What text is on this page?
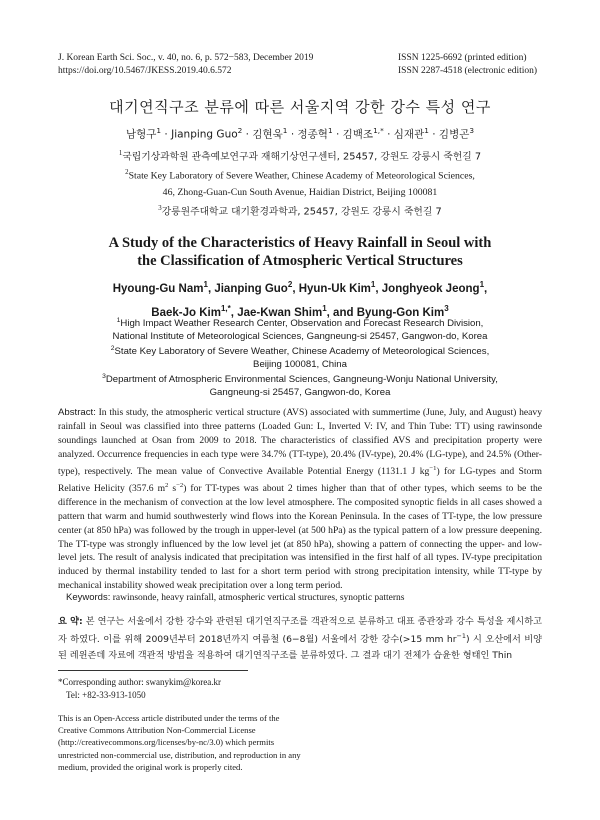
J. Korean Earth Sci. Soc., v. 40, no. 6, p. 572−583, December 2019
https://doi.org/10.5467/JKESS.2019.40.6.572
ISSN 1225-6692 (printed edition)
ISSN 2287-4518 (electronic edition)
대기연직구조 분류에 따른 서울지역 강한 강수 특성 연구
남형구$^1$ · Jianping Guo$^2$ · 김현욱$^1$ · 정종혁$^1$ · 김백조$^{1,*}$ · 심재관$^1$ · 김병곤$^3$
$^1$국립기상과학원 관측예보연구과 재해기상연구센터, 25457, 강원도 강릉시 죽헌길 7
$^2$State Key Laboratory of Severe Weather, Chinese Academy of Meteorological Sciences,
46, Zhong-Guan-Cun South Avenue, Haidian District, Beijing 100081
$^3$강릉원주대학교 대기환경과학과, 25457, 강원도 강릉시 죽헌길 7
A Study of the Characteristics of Heavy Rainfall in Seoul with
the Classification of Atmospheric Vertical Structures
Hyoung-Gu Nam$^1$, Jianping Guo$^2$, Hyun-Uk Kim$^1$, Jonghyeok Jeong$^1$,
Baek-Jo Kim$^{1,*}$, Jae-Kwan Shim$^1$, and Byung-Gon Kim$^3$
$^1$High Impact Weather Research Center, Observation and Forecast Research Division,
National Institute of Meteorological Sciences, Gangneung-si 25457, Gangwon-do, Korea
$^2$State Key Laboratory of Severe Weather, Chinese Academy of Meteorological Sciences,
Beijing 100081, China
$^3$Department of Atmospheric Environmental Sciences, Gangneung-Wonju National University,
Gangneung-si 25457, Gangwon-do, Korea
Abstract: In this study, the atmospheric vertical structure (AVS) associated with summertime (June, July, and August) heavy rainfall in Seoul was classified into three patterns (Loaded Gun: L, Inverted V: IV, and Thin Tube: TT) using rawinsonde soundings launched at Osan from 2009 to 2018. The characteristics of classified AVS and precipitation property were analyzed. Occurrence frequencies in each type were 34.7% (TT-type), 20.4% (IV-type), 20.4% (LG-type), and 24.5% (Other-type), respectively. The mean value of Convective Available Potential Energy (1131.1 J $kg^{-1}$) for LG-types and Storm Relative Helicity (357.6 $m^2$ $s^{-2}$) for TT-types was about 2 times higher than that of other types, which seems to be the difference in the mechanism of convection at the low level atmosphere. The composited synoptic fields in all cases showed a pattern that warm and humid southwesterly wind flows into the Korean Peninsula. In the cases of TT-type, the low pressure center (at 850 hPa) was followed by the trough in upper-level (at 500 hPa) as the typical pattern of a low pressure deepening. The TT-type was strongly influenced by the low level jet (at 850 hPa), showing a pattern of connecting the upper- and low-level jets. The result of analysis indicated that precipitation was intensified in the first half of all types. IV-type precipitation induced by thermal instability tended to last for a short term period with strong precipitation intensity, while TT-type by mechanical instability showed weak precipitation over a long term period.
Keywords: rawinsonde, heavy rainfall, atmospheric vertical structures, synoptic patterns
요 약: 본 연구는 서울에서 강한 강수와 관련된 대기연직구조를 객관적으로 분류하고 대표 종관장과 강수 특성을 제시하고자 하였다. 이를 위해 2009년부터 2018년까지 여름철 (6−8월) 서울에서 강한 강수(>15 mm $hr^{-1}$) 시 오산에서 비양된 레윈존데 자료에 객관적 방법을 적용하여 대기연직구조를 분류하였다. 그 결과 대기 전체가 습윤한 형태인 Thin
*Corresponding author: swanykim@korea.kr
Tel: +82-33-913-1050
This is an Open-Access article distributed under the terms of the Creative Commons Attribution Non-Commercial License (http://creativecommons.org/licenses/by-nc/3.0) which permits unrestricted non-commercial use, distribution, and reproduction in any medium, provided the original work is properly cited.
